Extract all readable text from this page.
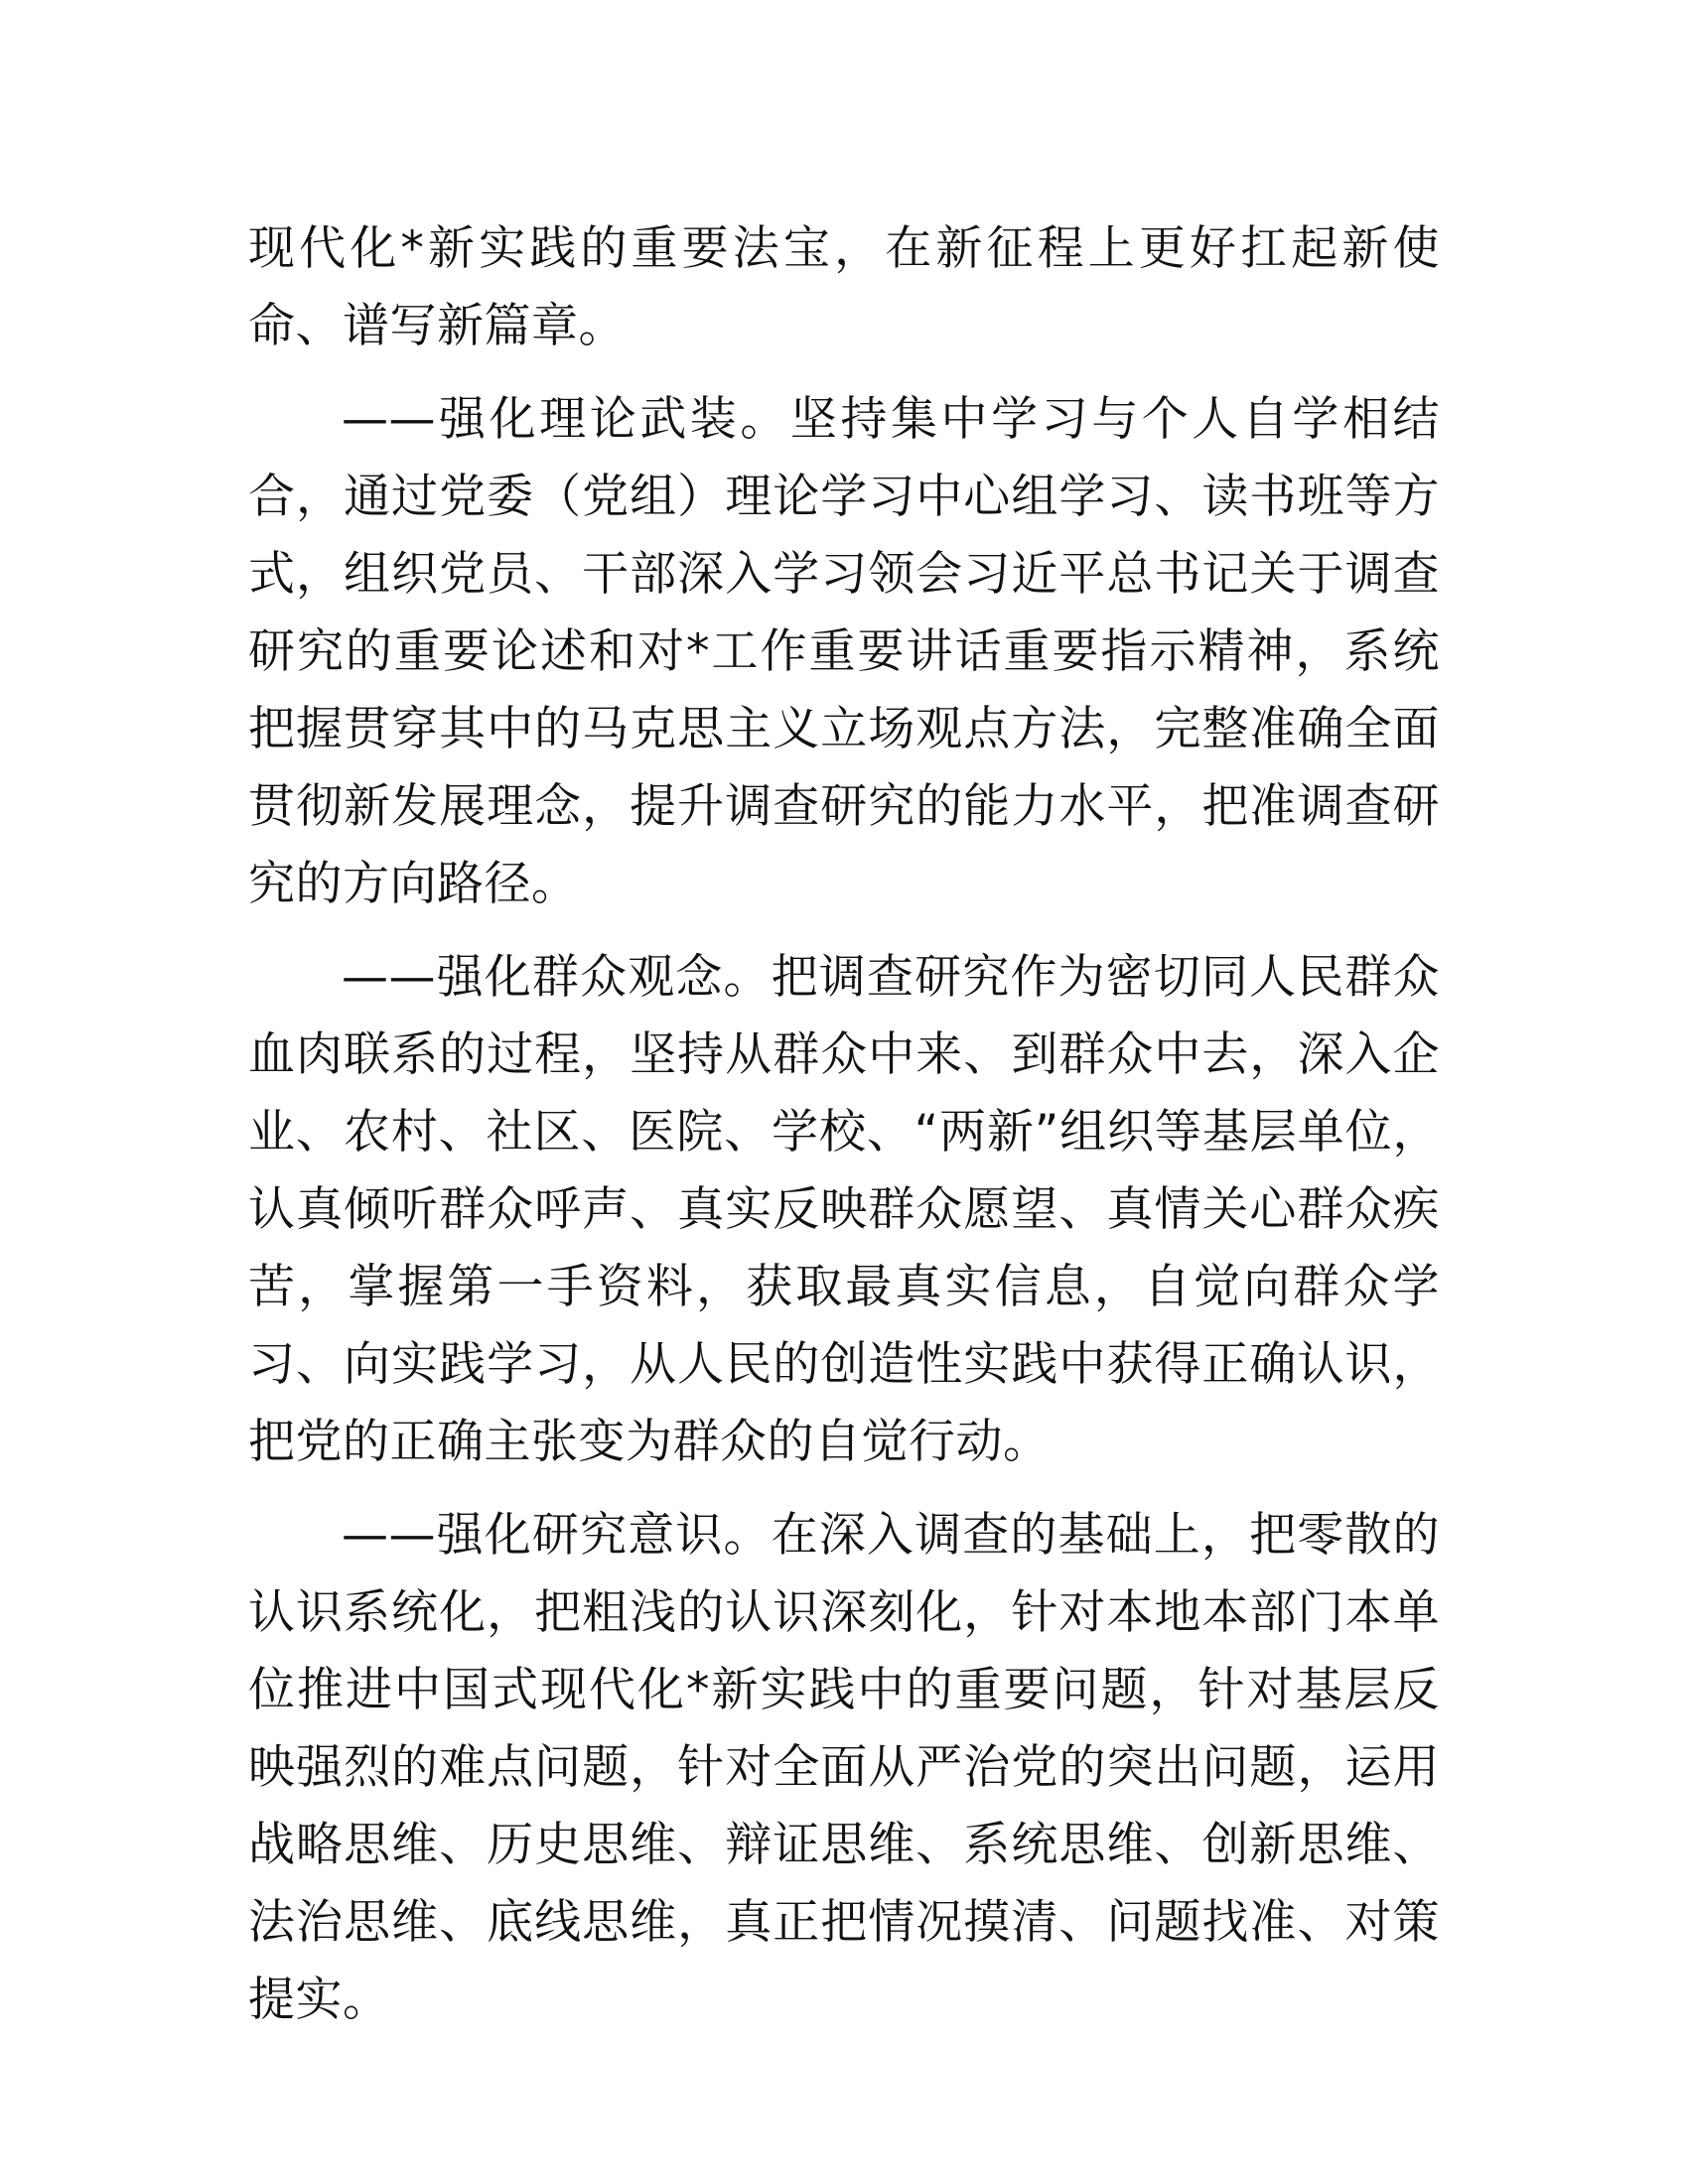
现代化*新实践的重要法宝，在新征程上更好扛起新使命、谱写新篇章。

——强化理论武装。坚持集中学习与个人自学相结合，通过党委（党组）理论学习中心组学习、读书班等方式，组织党员、干部深入学习领会习近平总书记关于调查研究的重要论述和对*工作重要讲话重要指示精神，系统把握贯穿其中的马克思主义立场观点方法，完整准确全面贯彻新发展理念，提升调查研究的能力水平，把准调查研究的方向路径。

——强化群众观念。把调查研究作为密切同人民群众血肉联系的过程，坚持从群众中来、到群众中去，深入企业、农村、社区、医院、学校、“两新”组织等基层单位，认真倾听群众呼声、真实反映群众愿望、真情关心群众疾苦，掌握第一手资料，获取最真实信息，自觉向群众学习、向实践学习，从人民的创造性实践中获得正确认识，把党的正确主张变为群众的自觉行动。

——强化研究意识。在深入调查的基础上，把零散的认识系统化，把粗浅的认识深刻化，针对本地本部门本单位推进中国式现代化*新实践中的重要问题，针对基层反映强烈的难点问题，针对全面从严治党的突出问题，运用战略思维、历史思维、辩证思维、系统思维、创新思维、法治思维、底线思维，真正把情况摸清、问题找准、对策提实。
